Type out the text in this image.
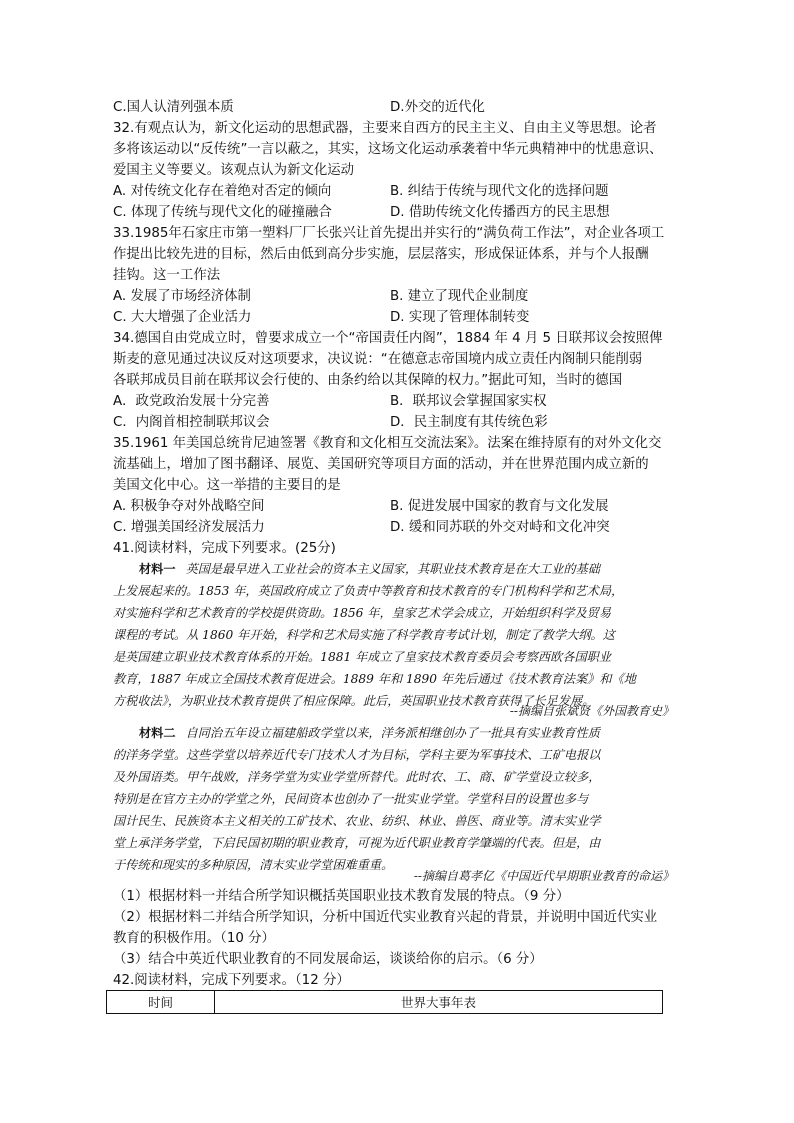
C.国人认清列强本质	D.外交的近代化
32.有观点认为，新文化运动的思想武器，主要来自西方的民主主义、自由主义等思想。论者
多将该运动以“反传统”一言以蔽之，其实，这场文化运动承袭着中华元典精神中的忧患意识、
爱国主义等要义。该观点认为新文化运动
A. 对传统文化存在着绝对否定的倾向	B. 纠结于传统与现代文化的选择问题
C. 体现了传统与现代文化的碰撞融合	D. 借助传统文化传播西方的民主思想
33.1985年石家庄市第一塑料厂厂长张兴让首先提出并实行的“满负荷工作法”，对企业各项工
作提出比较先进的目标，然后由低到高分步实施，层层落实，形成保证体系，并与个人报酬
挂钩。这一工作法
A. 发展了市场经济体制	B. 建立了现代企业制度
C. 大大增强了企业活力	D. 实现了管理体制转变
34.德国自由党成立时，曾要求成立一个“帝国责任内阁”，1884 年 4 月 5 日联邦议会按照俾
斯麦的意见通过决议反对这项要求，决议说：“在德意志帝国境内成立责任内阁制只能削弱
各联邦成员目前在联邦议会行使的、由条约给以其保障的权力。”据此可知，当时的德国
A．政党政治发展十分完善	B．联邦议会掌握国家实权
C．内阁首相控制联邦议会	D．民主制度有其传统色彩
35.1961 年美国总统肯尼迪签署《教育和文化相互交流法案》。法案在维持原有的对外文化交
流基础上，增加了图书翻译、展览、美国研究等项目方面的活动，并在世界范围内成立新的
美国文化中心。这一举措的主要目的是
A. 积极争夺对外战略空间	B. 促进发展中国家的教育与文化发展
C. 增强美国经济发展活力	D. 缓和同苏联的外交对峙和文化冲突
41.阅读材料，完成下列要求。(25分)
材料一 英国是最早进入工业社会的资本主义国家，其职业技术教育是在大工业的基础
上发展起来的。1853 年，英国政府成立了负责中等教育和技术教育的专门机构科学和艺术局，
对实施科学和艺术教育的学校提供资助。1856 年，皇家艺术学会成立，开始组织科学及贸易
课程的考试。从 1860 年开始，科学和艺术局实施了科学教育考试计划，制定了教学大纲。这
是英国建立职业技术教育体系的开始。1881 年成立了皇家技术教育委员会考察西欧各国职业
教育，1887 年成立全国技术教育促进会。1889 年和 1890 年先后通过《技术教育法案》和《地
方税收法》，为职业技术教育提供了相应保障。此后，英国职业技术教育获得了长足发展。
--摘编自张斌贤《外国教育史》
材料二 自同治五年设立福建船政学堂以来，洋务派相继创办了一批具有实业教育性质
的洋务学堂。这些学堂以培养近代专门技术人才为目标，学科主要为军事技术、工矿电报以
及外国语类。甲午战败，洋务学堂为实业学堂所替代。此时农、工、商、矿学堂设立较多，
特别是在官方主办的学堂之外，民间资本也创办了一批实业学堂。学堂科目的设置也多与
国计民生、民族资本主义相关的工矿技术、农业、纺织、林业、兽医、商业等。清末实业学
堂上承洋务学堂，下启民国初期的职业教育，可视为近代职业教育学肇端的代表。但是，由
于传统和现实的多种原因，清末实业学堂困难重重。
--摘编自葛孝亿《中国近代早期职业教育的命运》
（1）根据材料一并结合所学知识概括英国职业技术教育发展的特点。（9 分）
（2）根据材料二并结合所学知识，分析中国近代实业教育兴起的背景，并说明中国近代实业
教育的积极作用。（10 分）
（3）结合中英近代职业教育的不同发展命运，谈谈给你的启示。（6 分）
42.阅读材料，完成下列要求。（12 分）
时间	世界大事年表
